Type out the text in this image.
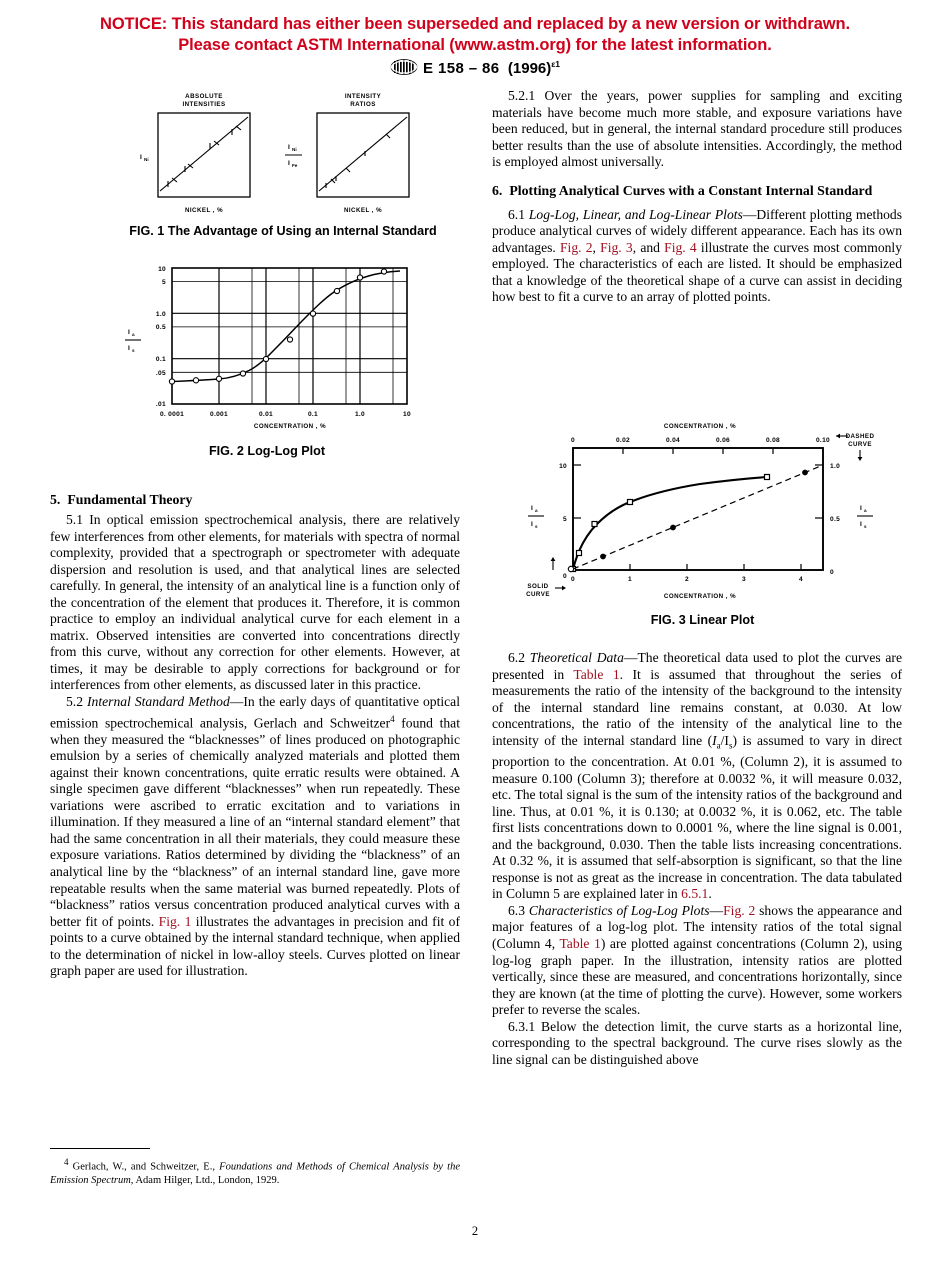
NOTICE: This standard has either been superseded and replaced by a new version or withdrawn.
Please contact ASTM International (www.astm.org) for the latest information.
E 158 – 86 $(1996)^{\varepsilon 1}$
ABSOLUTE
INTENSITIES
I Ni
NICKEL , %
INTENSITY
RATIOS
I Ni
I Fe
NICKEL , %
FIG. 1 The Advantage of Using an Internal Standard
10
5
1.0
0.5
0.1
.05
.01
0. 0001	0.001	0.01	0.1	1.0	10
I a
I s
CONCENTRATION , %
FIG. 2 Log-Log Plot
CONCENTRATION , %
0	0.02	0.04	0.06	0.08	0.10
DASHED
CURVE
10
5
0
1.0
0.5
0
0	1	2	3	4
SOLID
CURVE
I a
I s
I a
I s
CONCENTRATION , %
FIG. 3 Linear Plot
5. Fundamental Theory

5.1 In optical emission spectrochemical analysis, there are relatively few interferences from other elements, for materials with spectra of normal complexity, provided that a spectrograph or spectrometer with adequate dispersion and resolution is used, and that analytical lines are selected carefully. In general, the intensity of an analytical line is a function only of the concentration of the element that produces it. Therefore, it is common practice to employ an individual analytical curve for each element in a matrix. Observed intensities are converted into concentrations directly from this curve, without any correction for other elements. However, at times, it may be desirable to apply corrections for background or for interferences from other elements, as discussed later in this practice.

5.2 Internal Standard Method—In the early days of quantitative optical emission spectrochemical analysis, Gerlach and Schweitzer$^4$ found that when they measured the “blacknesses” of lines produced on photographic emulsion by a series of chemically analyzed materials and plotted them against their known concentrations, quite erratic results were obtained. A single specimen gave different “blacknesses” when run repeatedly. These variations were ascribed to erratic excitation and to variations in illumination. If they measured a line of an “internal standard element” that had the same concentration in all their materials, they could measure these exposure variations. Ratios determined by dividing the “blackness” of an analytical line by the “blackness” of an internal standard line, gave more repeatable results when the same material was burned repeatedly. Plots of “blackness” ratios versus concentration produced analytical curves with a better fit of points. Fig. 1 illustrates the advantages in precision and fit of points to a curve obtained by the internal standard technique, when applied to the determination of nickel in low-alloy steels. Curves plotted on linear graph paper are used for illustration.

$^4$ Gerlach, W., and Schweitzer, E., Foundations and Methods of Chemical Analysis by the Emission Spectrum, Adam Hilger, Ltd., London, 1929.

5.2.1 Over the years, power supplies for sampling and exciting materials have become much more stable, and exposure variations have been reduced, but in general, the internal standard procedure still produces better results than the use of absolute intensities. Accordingly, the method is employed almost universally.

6. Plotting Analytical Curves with a Constant Internal Standard

6.1 Log-Log, Linear, and Log-Linear Plots—Different plotting methods produce analytical curves of widely different appearance. Each has its own advantages. Fig. 2, Fig. 3, and Fig. 4 illustrate the curves most commonly employed. The characteristics of each are listed. It should be emphasized that a knowledge of the theoretical shape of a curve can assist in deciding how best to fit a curve to an array of plotted points.

6.2 Theoretical Data—The theoretical data used to plot the curves are presented in Table 1. It is assumed that throughout the series of measurements the ratio of the intensity of the background to the intensity of the internal standard line remains constant, at 0.030. At low concentrations, the ratio of the intensity of the analytical line to the intensity of the internal standard line $(I_a/I_s)$ is assumed to vary in direct proportion to the concentration. At 0.01 %, (Column 2), it is assumed to measure 0.100 (Column 3); therefore at 0.0032 %, it will measure 0.032, etc. The total signal is the sum of the intensity ratios of the background and line. Thus, at 0.01 %, it is 0.130; at 0.0032 %, it is 0.062, etc. The table first lists concentrations down to 0.0001 %, where the line signal is 0.001, and the background, 0.030. Then the table lists increasing concentrations. At 0.32 %, it is assumed that self-absorption is significant, so that the line response is not as great as the increase in concentration. The data tabulated in Column 5 are explained later in 6.5.1.

6.3 Characteristics of Log-Log Plots—Fig. 2 shows the appearance and major features of a log-log plot. The intensity ratios of the total signal (Column 4, Table 1) are plotted against concentrations (Column 2), using log-log graph paper. In the illustration, intensity ratios are plotted vertically, since these are measured, and concentrations horizontally, since they are known (at the time of plotting the curve). However, some workers prefer to reverse the scales.

6.3.1 Below the detection limit, the curve starts as a horizontal line, corresponding to the spectral background. The curve rises slowly as the line signal can be distinguished above

2
